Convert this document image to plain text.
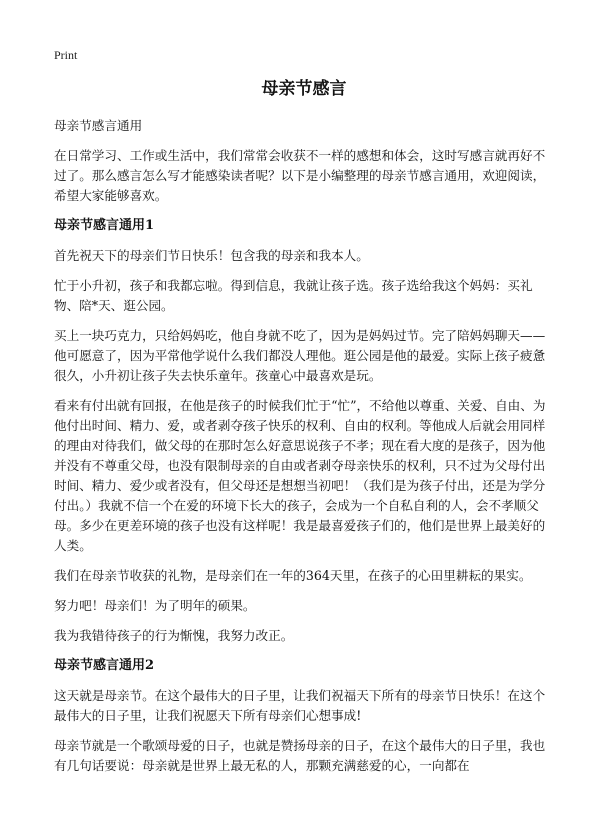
Print
母亲节感言

母亲节感言通用

在日常学习、工作或生活中，我们常常会收获不一样的感想和体会，这时写感言就再好不过了。那么感言怎么写才能感染读者呢？以下是小编整理的母亲节感言通用，欢迎阅读，希望大家能够喜欢。

母亲节感言通用1

首先祝天下的母亲们节日快乐！包含我的母亲和我本人。

忙于小升初，孩子和我都忘啦。得到信息，我就让孩子选。孩子选给我这个妈妈：买礼物、陪*天、逛公园。

买上一块巧克力，只给妈妈吃，他自身就不吃了，因为是妈妈过节。完了陪妈妈聊天——他可愿意了，因为平常他学说什么我们都没人理他。逛公园是他的最爱。实际上孩子疲惫很久，小升初让孩子失去快乐童年。孩童心中最喜欢是玩。

看来有付出就有回报，在他是孩子的时候我们忙于“忙”，不给他以尊重、关爱、自由、为他付出时间、精力、爱，或者剥夺孩子快乐的权利、自由的权利。等他成人后就会用同样的理由对待我们，做父母的在那时怎么好意思说孩子不孝；现在看大度的是孩子，因为他并没有不尊重父母，也没有限制母亲的自由或者剥夺母亲快乐的权利，只不过为父母付出时间、精力、爱少或者没有，但父母还是想想当初吧！（我们是为孩子付出，还是为学分付出。）我就不信一个在爱的环境下长大的孩子，会成为一个自私自利的人，会不孝顺父母。多少在更差环境的孩子也没有这样呢！我是最喜爱孩子们的，他们是世界上最美好的人类。

我们在母亲节收获的礼物，是母亲们在一年的364天里，在孩子的心田里耕耘的果实。

努力吧！母亲们！为了明年的硕果。

我为我错待孩子的行为惭愧，我努力改正。

母亲节感言通用2

这天就是母亲节。在这个最伟大的日子里，让我们祝福天下所有的母亲节日快乐！在这个最伟大的日子里，让我们祝愿天下所有母亲们心想事成!

母亲节就是一个歌颂母爱的日子，也就是赞扬母亲的日子，在这个最伟大的日子里，我也有几句话要说：母亲就是世界上最无私的人，那颗充满慈爱的心，一向都在
